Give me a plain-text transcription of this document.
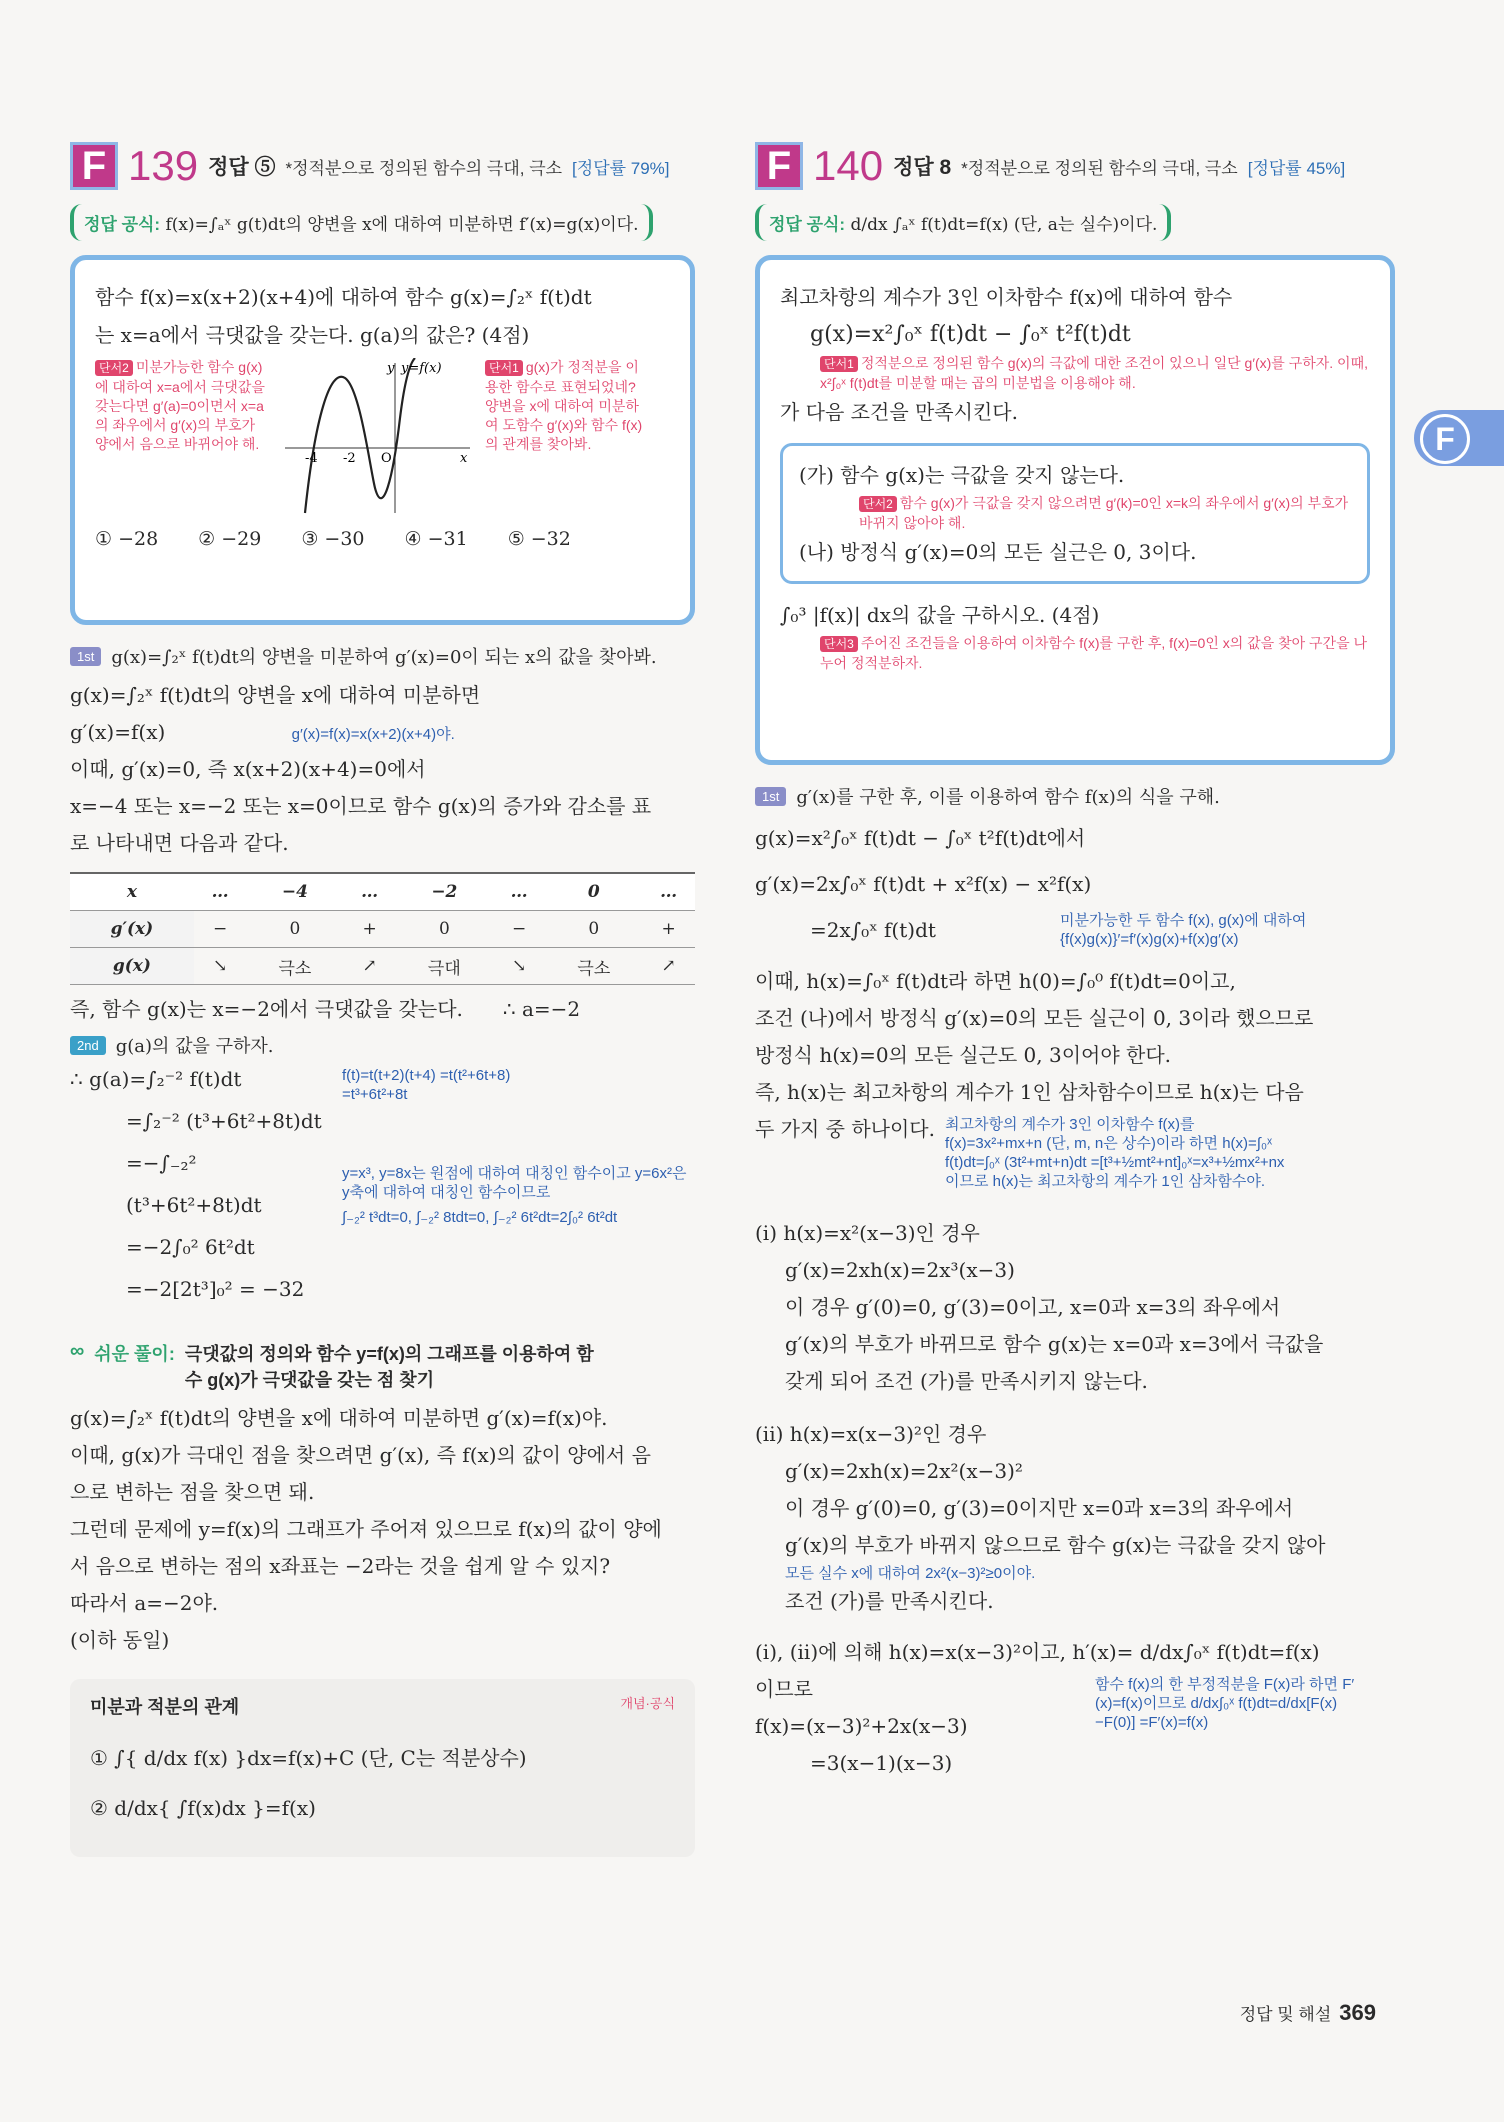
F 139 정답 ⑤ *정적분으로 정의된 함수의 극대, 극소 [정답률 79%]
정답 공식: f(x)=∫ₐˣ g(t)dt의 양변을 x에 대하여 미분하면 f′(x)=g(x)이다.
함수 f(x)=x(x+2)(x+4)에 대하여 함수 g(x)=∫₂ˣ f(t)dt
는 x=a에서 극댓값을 갖는다. g(a)의 값은? (4점)
단서2 미분가능한 함수 g(x)에 대하여 x=a에서 극댓값을 갖는다면 g′(a)=0이면서 x=a의 좌우에서 g′(x)의 부호가 양에서 음으로 바뀌어야 해.
-4 -2 O	x
y y=f(x)	단서1 g(x)가 정적분을 이용한 함수로 표현되었네? 양변을 x에 대하여 미분하여 도함수 g′(x)와 함수 f(x)의 관계를 찾아봐.
① −28 ② −29 ③ −30 ④ −31 ⑤ −32
1st g(x)=∫₂ˣ f(t)dt의 양변을 미분하여 g′(x)=0이 되는 x의 값을 찾아봐.
g(x)=∫₂ˣ f(t)dt의 양변을 x에 대하여 미분하면
g′(x)=f(x)	g′(x)=f(x)=x(x+2)(x+4)야.
이때, g′(x)=0, 즉 x(x+2)(x+4)=0에서
x=−4 또는 x=−2 또는 x=0이므로 함수 g(x)의 증가와 감소를 표
로 나타내면 다음과 같다.
x	…	−4	…	−2	…	0	…
g′(x)	−	0	+	0	−	0	+
g(x)	↘	극소	↗	극대	↘	극소	↗
즉, 함수 g(x)는 x=−2에서 극댓값을 갖는다. ∴ a=−2
2nd g(a)의 값을 구하자.
∴ g(a)=∫₂⁻² f(t)dt
=∫₂⁻² (t³+6t²+8t)dt
=−∫₋₂² (t³+6t²+8t)dt
=−2∫₀² 6t²dt
=−2[2t³]₀² = −32
f(t)=t(t+2)(t+4) =t(t²+6t+8) =t³+6t²+8t
y=x³, y=8x는 원점에 대하여 대칭인 함수이고 y=6x²은 y축에 대하여 대칭인 함수이므로
∫₋₂² t³dt=0, ∫₋₂² 8tdt=0, ∫₋₂² 6t²dt=2∫₀² 6t²dt
∞ 쉬운 풀이: 극댓값의 정의와 함수 y=f(x)의 그래프를 이용하여 함수 g(x)가 극댓값을 갖는 점 찾기
g(x)=∫₂ˣ f(t)dt의 양변을 x에 대하여 미분하면 g′(x)=f(x)야.
이때, g(x)가 극대인 점을 찾으려면 g′(x), 즉 f(x)의 값이 양에서 음
으로 변하는 점을 찾으면 돼.
그런데 문제에 y=f(x)의 그래프가 주어져 있으므로 f(x)의 값이 양에
서 음으로 변하는 점의 x좌표는 −2라는 것을 쉽게 알 수 있지?
따라서 a=−2야.
(이하 동일)
미분과 적분의 관계	개념·공식
① ∫{ d/dx f(x) }dx=f(x)+C (단, C는 적분상수)
② d/dx{ ∫f(x)dx }=f(x)
F 140 정답 8 *정적분으로 정의된 함수의 극대, 극소 [정답률 45%]
정답 공식: d/dx ∫ₐˣ f(t)dt=f(x) (단, a는 실수)이다.
최고차항의 계수가 3인 이차함수 f(x)에 대하여 함수
g(x)=x²∫₀ˣ f(t)dt − ∫₀ˣ t²f(t)dt
단서1 정적분으로 정의된 함수 g(x)의 극값에 대한 조건이 있으니 일단 g′(x)를 구하자. 이때, x²∫₀ˣ f(t)dt를 미분할 때는 곱의 미분법을 이용해야 해.
가 다음 조건을 만족시킨다.
(가) 함수 g(x)는 극값을 갖지 않는다.
단서2 함수 g(x)가 극값을 갖지 않으려면 g′(k)=0인 x=k의 좌우에서 g′(x)의 부호가 바뀌지 않아야 해.
(나) 방정식 g′(x)=0의 모든 실근은 0, 3이다.
∫₀³ |f(x)| dx의 값을 구하시오. (4점)
단서3 주어진 조건들을 이용하여 이차함수 f(x)를 구한 후, f(x)=0인 x의 값을 찾아 구간을 나누어 정적분하자.
1st g′(x)를 구한 후, 이를 이용하여 함수 f(x)의 식을 구해.
g(x)=x²∫₀ˣ f(t)dt − ∫₀ˣ t²f(t)dt에서
g′(x)=2x∫₀ˣ f(t)dt + x²f(x) − x²f(x)
=2x∫₀ˣ f(t)dt	미분가능한 두 함수 f(x), g(x)에 대하여 {f(x)g(x)}′=f′(x)g(x)+f(x)g′(x)
이때, h(x)=∫₀ˣ f(t)dt라 하면 h(0)=∫₀⁰ f(t)dt=0이고,
조건 (나)에서 방정식 g′(x)=0의 모든 실근이 0, 3이라 했으므로
방정식 h(x)=0의 모든 실근도 0, 3이어야 한다.
즉, h(x)는 최고차항의 계수가 1인 삼차함수이므로 h(x)는 다음
두 가지 중 하나이다. 최고차항의 계수가 3인 이차함수 f(x)를 f(x)=3x²+mx+n (단, m, n은 상수)이라 하면 h(x)=∫₀ˣ f(t)dt=∫₀ˣ (3t²+mt+n)dt =[t³+½mt²+nt]₀ˣ=x³+½mx²+nx 이므로 h(x)는 최고차항의 계수가 1인 삼차함수야.
(i) h(x)=x²(x−3)인 경우
g′(x)=2xh(x)=2x³(x−3)
이 경우 g′(0)=0, g′(3)=0이고, x=0과 x=3의 좌우에서
g′(x)의 부호가 바뀌므로 함수 g(x)는 x=0과 x=3에서 극값을
갖게 되어 조건 (가)를 만족시키지 않는다.
(ii) h(x)=x(x−3)²인 경우
g′(x)=2xh(x)=2x²(x−3)²
이 경우 g′(0)=0, g′(3)=0이지만 x=0과 x=3의 좌우에서
g′(x)의 부호가 바뀌지 않으므로 함수 g(x)는 극값을 갖지 않아
모든 실수 x에 대하여 2x²(x−3)²≥0이야.
조건 (가)를 만족시킨다.
(i), (ii)에 의해 h(x)=x(x−3)²이고, h′(x)= d/dx∫₀ˣ f(t)dt=f(x)
이므로
f(x)=(x−3)²+2x(x−3)
=3(x−1)(x−3)
함수 f(x)의 한 부정적분을 F(x)라 하면 F′(x)=f(x)이므로 d/dx∫₀ˣ f(t)dt=d/dx[F(x)−F(0)] =F′(x)=f(x)
F
정답 및 해설 369
